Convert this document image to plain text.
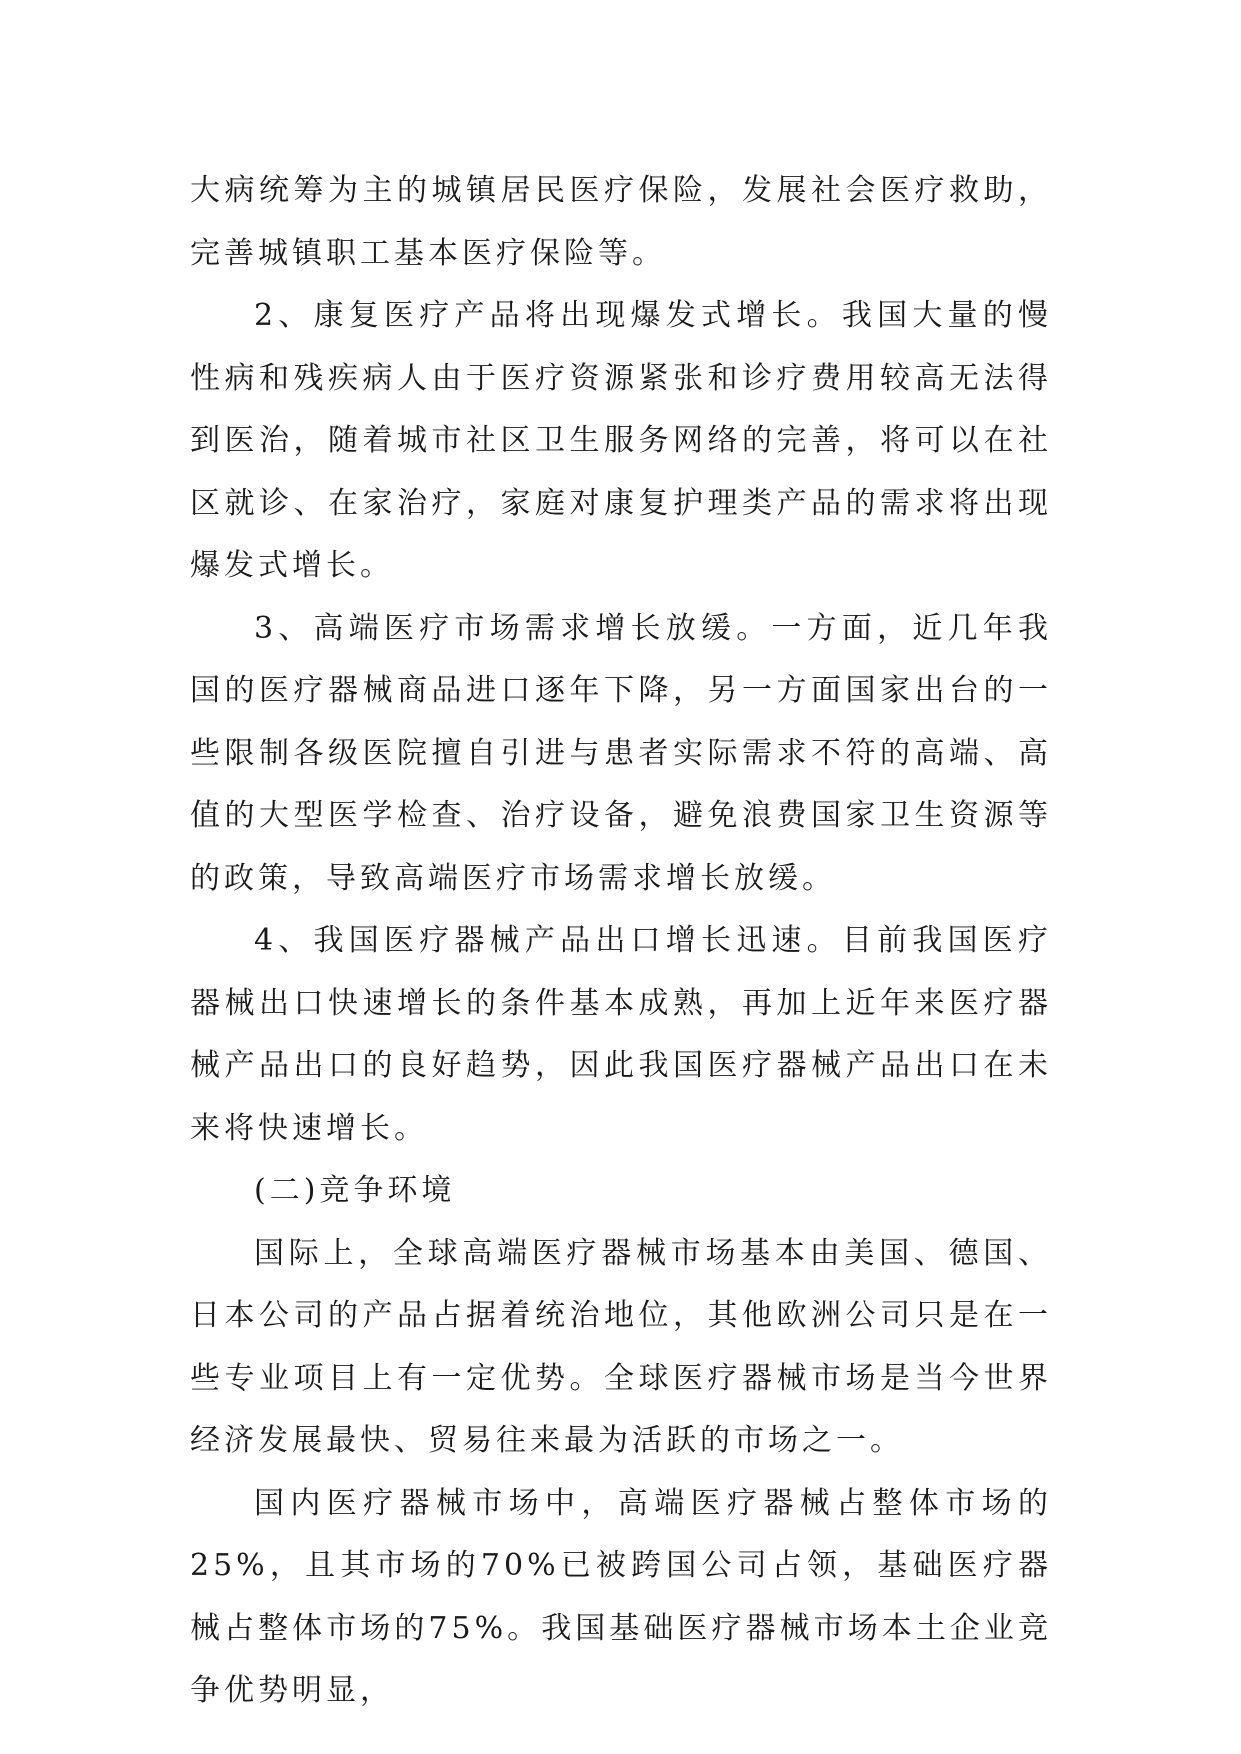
大病统筹为主的城镇居民医疗保险，发展社会医疗救助，完善城镇职工基本医疗保险等。

2、康复医疗产品将出现爆发式增长。我国大量的慢性病和残疾病人由于医疗资源紧张和诊疗费用较高无法得到医治，随着城市社区卫生服务网络的完善，将可以在社区就诊、在家治疗，家庭对康复护理类产品的需求将出现爆发式增长。

3、高端医疗市场需求增长放缓。一方面，近几年我国的医疗器械商品进口逐年下降，另一方面国家出台的一些限制各级医院擅自引进与患者实际需求不符的高端、高值的大型医学检查、治疗设备，避免浪费国家卫生资源等的政策，导致高端医疗市场需求增长放缓。

4、我国医疗器械产品出口增长迅速。目前我国医疗器械出口快速增长的条件基本成熟，再加上近年来医疗器械产品出口的良好趋势，因此我国医疗器械产品出口在未来将快速增长。

(二)竞争环境

国际上，全球高端医疗器械市场基本由美国、德国、日本公司的产品占据着统治地位，其他欧洲公司只是在一些专业项目上有一定优势。全球医疗器械市场是当今世界经济发展最快、贸易往来最为活跃的市场之一。

国内医疗器械市场中，高端医疗器械占整体市场的25%，且其市场的70%已被跨国公司占领，基础医疗器械占整体市场的75%。我国基础医疗器械市场本土企业竞争优势明显，
